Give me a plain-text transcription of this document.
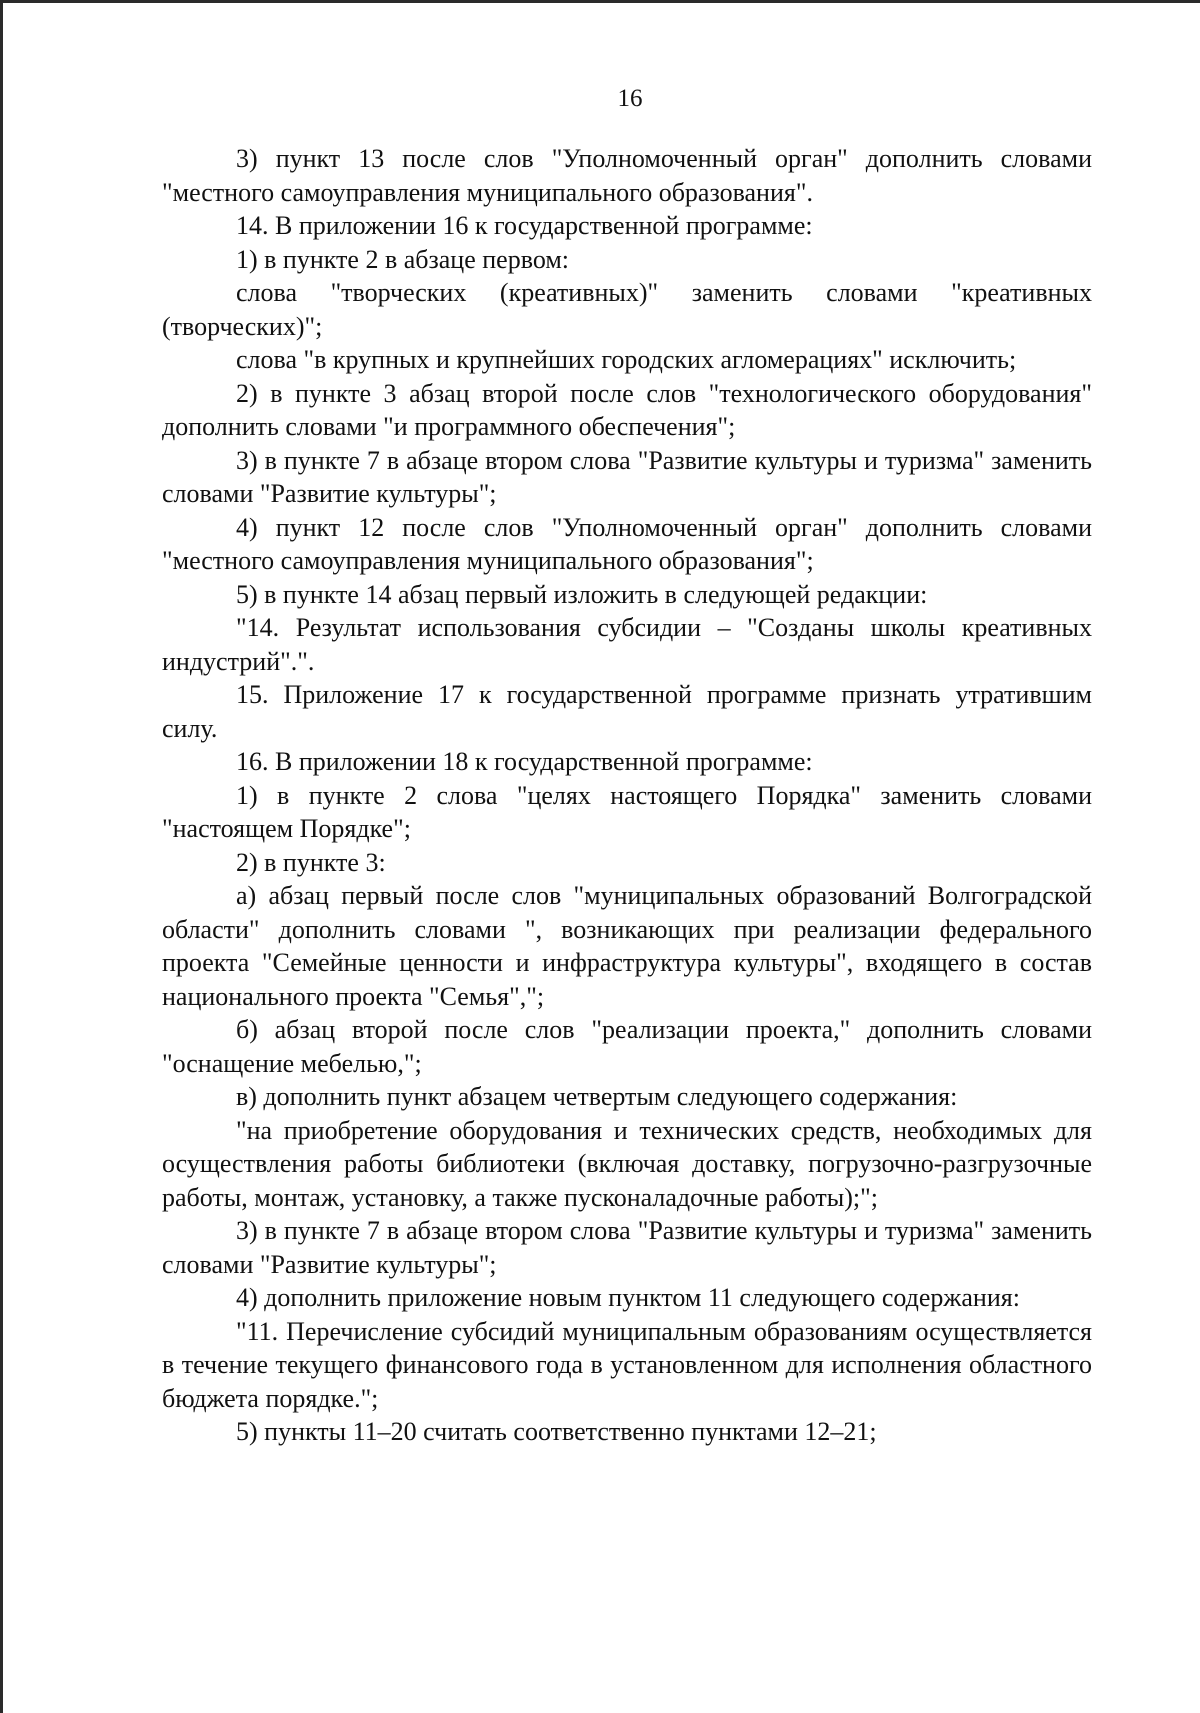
16

3) пункт 13 после слов "Уполномоченный орган" дополнить словами "местного самоуправления муниципального образования".

14. В приложении 16 к государственной программе:

1) в пункте 2 в абзаце первом:

слова "творческих (креативных)" заменить словами "креативных (творческих)";

слова "в крупных и крупнейших городских агломерациях" исключить;

2) в пункте 3 абзац второй после слов "технологического оборудования" дополнить словами "и программного обеспечения";

3) в пункте 7 в абзаце втором слова "Развитие культуры и туризма" заменить словами "Развитие культуры";

4) пункт 12 после слов "Уполномоченный орган" дополнить словами "местного самоуправления муниципального образования";

5) в пункте 14 абзац первый изложить в следующей редакции:

"14. Результат использования субсидии – "Созданы школы креативных индустрий".".

15. Приложение 17 к государственной программе признать утратившим силу.

16. В приложении 18 к государственной программе:

1) в пункте 2 слова "целях настоящего Порядка" заменить словами "настоящем Порядке";

2) в пункте 3:

а) абзац первый после слов "муниципальных образований Волгоградской области" дополнить словами ", возникающих при реализации федерального проекта "Семейные ценности и инфраструктура культуры", входящего в состав национального проекта "Семья",";

б) абзац второй после слов "реализации проекта," дополнить словами "оснащение мебелью,";

в) дополнить пункт абзацем четвертым следующего содержания:

"на приобретение оборудования и технических средств, необходимых для осуществления работы библиотеки (включая доставку, погрузочно-разгрузочные работы, монтаж, установку, а также пусконаладочные работы);";

3) в пункте 7 в абзаце втором слова "Развитие культуры и туризма" заменить словами "Развитие культуры";

4) дополнить приложение новым пунктом 11 следующего содержания:

"11. Перечисление субсидий муниципальным образованиям осуществляется в течение текущего финансового года в установленном для исполнения областного бюджета порядке.";

5) пункты 11–20 считать соответственно пунктами 12–21;
